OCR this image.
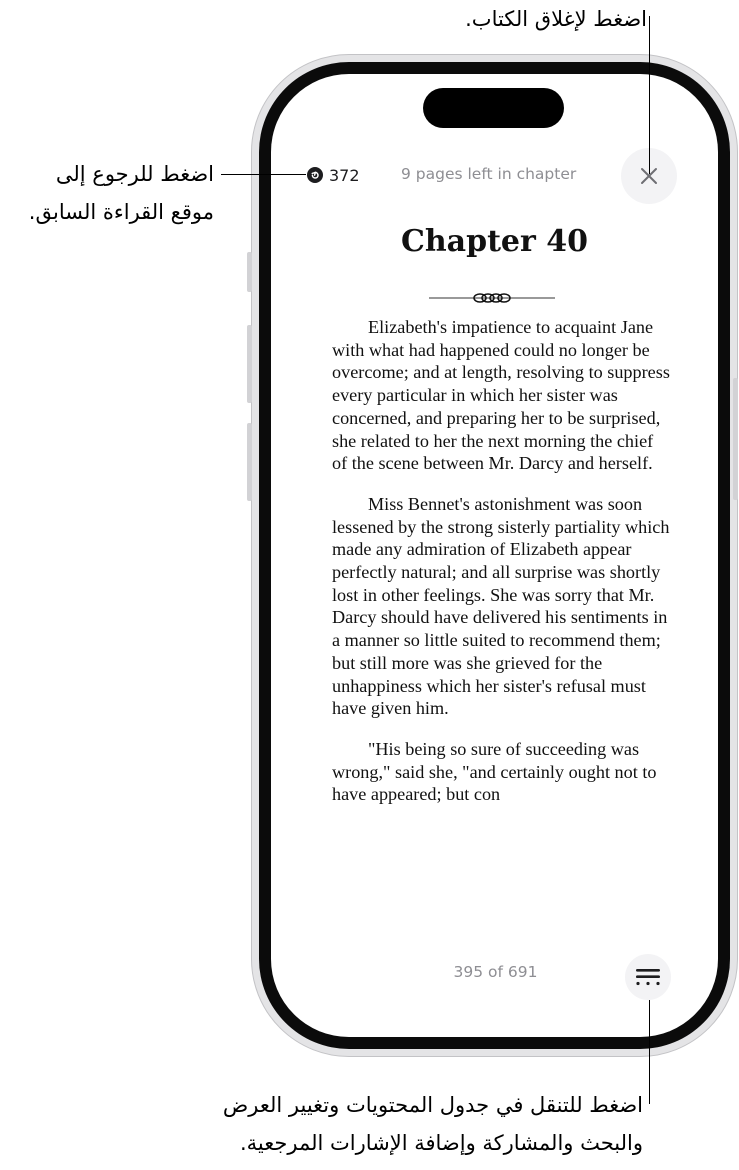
372	9 pages left in chapter
Chapter 40

Elizabeth's impatience to acquaint Jane with what had happened could no longer be overcome; and at length, resolving to suppress every particular in which her sister was concerned, and preparing her to be surprised, she related to her the next morning the chief of the scene between Mr. Darcy and herself.

Miss Bennet's astonishment was soon lessened by the strong sisterly partiality which made any admiration of Elizabeth appear perfectly natural; and all surprise was shortly lost in other feelings. She was sorry that Mr. Darcy should have delivered his sentiments in a manner so little suited to recommend them; but still more was she grieved for the unhappiness which her sister's refusal must have given him.

"His being so sure of succeeding was wrong," said she, "and certainly ought not to have appeared; but con

395 of 691
اضغط لإغلاق الكتاب.
اضغط للرجوع إلى
موقع القراءة السابق.
اضغط للتنقل في جدول المحتويات وتغيير العرض
والبحث والمشاركة وإضافة الإشارات المرجعية.
